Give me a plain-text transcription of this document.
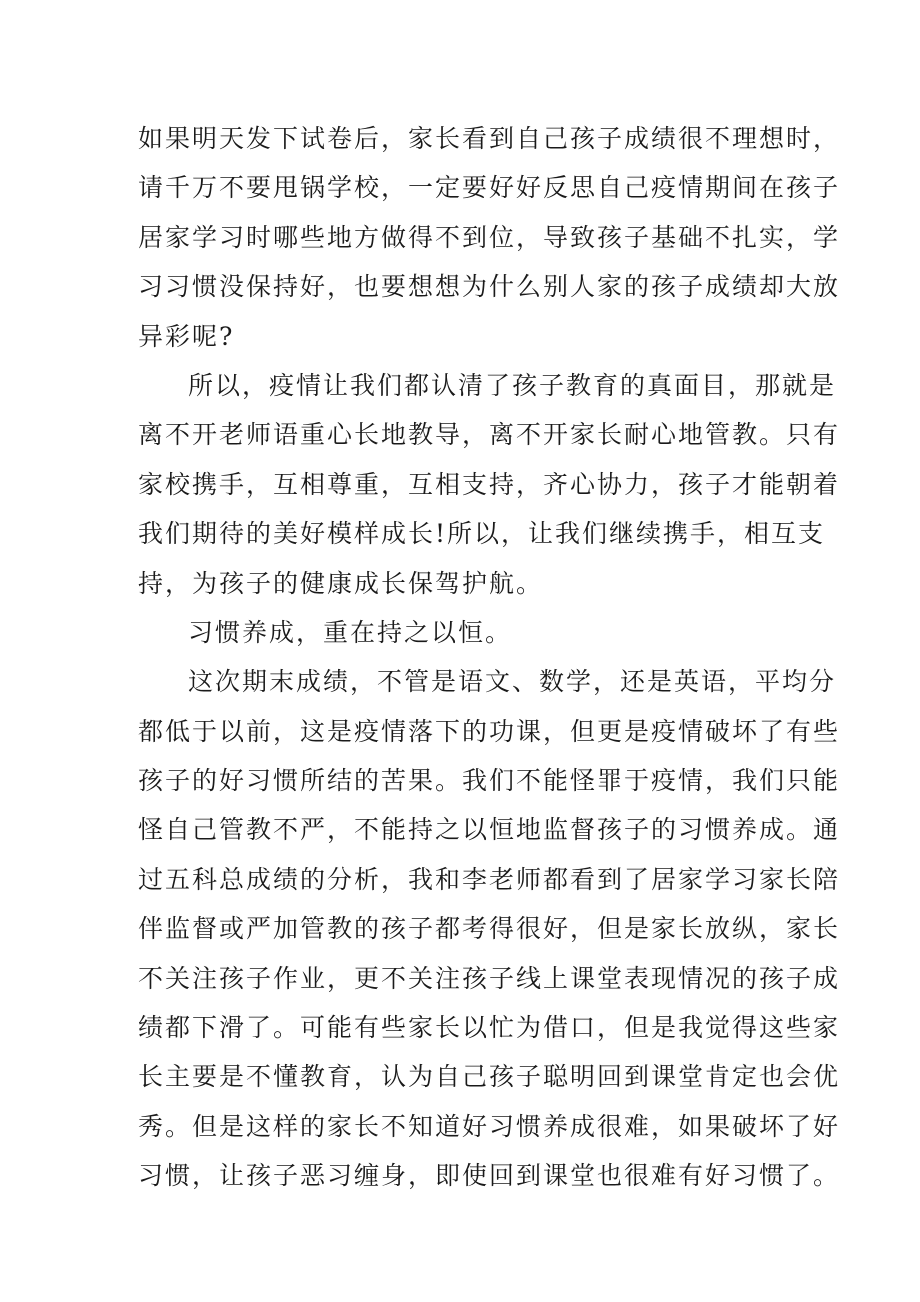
如果明天发下试卷后，家长看到自己孩子成绩很不理想时，
请千万不要甩锅学校，一定要好好反思自己疫情期间在孩子
居家学习时哪些地方做得不到位，导致孩子基础不扎实，学
习习惯没保持好，也要想想为什么别人家的孩子成绩却大放
异彩呢?
所以，疫情让我们都认清了孩子教育的真面目，那就是
离不开老师语重心长地教导，离不开家长耐心地管教。只有
家校携手，互相尊重，互相支持，齐心协力，孩子才能朝着
我们期待的美好模样成长!所以，让我们继续携手，相互支
持，为孩子的健康成长保驾护航。
习惯养成，重在持之以恒。
这次期末成绩，不管是语文、数学，还是英语，平均分
都低于以前，这是疫情落下的功课，但更是疫情破坏了有些
孩子的好习惯所结的苦果。我们不能怪罪于疫情，我们只能
怪自己管教不严，不能持之以恒地监督孩子的习惯养成。通
过五科总成绩的分析，我和李老师都看到了居家学习家长陪
伴监督或严加管教的孩子都考得很好，但是家长放纵，家长
不关注孩子作业，更不关注孩子线上课堂表现情况的孩子成
绩都下滑了。可能有些家长以忙为借口，但是我觉得这些家
长主要是不懂教育，认为自己孩子聪明回到课堂肯定也会优
秀。但是这样的家长不知道好习惯养成很难，如果破坏了好
习惯，让孩子恶习缠身，即使回到课堂也很难有好习惯了。
